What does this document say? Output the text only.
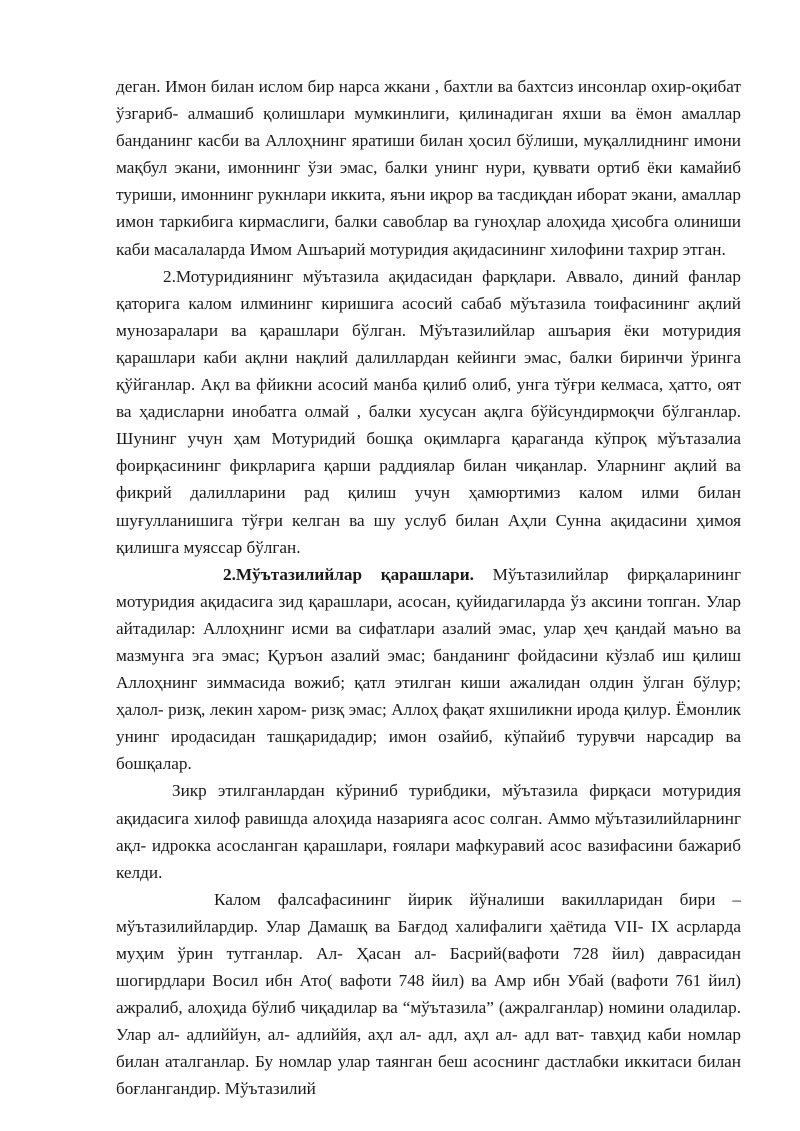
деган. Имон билан ислом бир нарса жкани , бахтли ва бахтсиз инсонлар охир-оқибат ўзгариб- алмашиб қолишлари мумкинлиги, қилинадиган яхши ва ёмон амаллар банданинг касби ва Аллоҳнинг яратиши билан ҳосил бўлиши, муқаллиднинг имони мақбул экани, имоннинг ўзи эмас, балки унинг нури, қуввати ортиб ёки камайиб туриши, имоннинг рукнлари иккита, яъни иқрор ва тасдиқдан иборат экани, амаллар имон таркибига кирмаслиги, балки савоблар ва гуноҳлар алоҳида ҳисобга олиниши каби масалаларда Имом Ашъарий мотуридия ақидасининг хилофини тахрир этган.

2.Мотуридиянинг мўътазила ақидасидан фарқлари. Аввало, диний фанлар қаторига калом илмининг киришига асосий сабаб мўътазила тоифасининг ақлий мунозаралари ва қарашлари бўлган. Мўътазилийлар ашъария ёки мотуридия қарашлари каби ақлни нақлий далиллардан кейинги эмас, балки биринчи ўринга қўйганлар. Ақл ва фйикни асосий манба қилиб олиб, унга тўғри келмаса, ҳатто, оят ва ҳадисларни инобатга олмай , балки хусусан ақлга бўйсундирмоқчи бўлганлар. Шунинг учун ҳам Мотуридий бошқа оқимларга қараганда кўпроқ мўътазалиа фоирқасининг фикрларига қарши раддиялар билан чиқанлар. Уларнинг ақлий ва фикрий далилларини рад қилиш учун ҳамюртимиз калом илми билан шуғулланишига тўғри келган ва шу услуб билан Аҳли Сунна ақидасини ҳимоя қилишга муяссар бўлган.

2.Мўътазилийлар қарашлари. Мўътазилийлар фирқаларининг мотуридия ақидасига зид қарашлари, асосан, қуйидагиларда ўз аксини топган. Улар айтадилар: Аллоҳнинг исми ва сифатлари азалий эмас, улар ҳеч қандай маъно ва мазмунга эга эмас; Қуръон азалий эмас; банданинг фойдасини кўзлаб иш қилиш Аллоҳнинг зиммасида вожиб; қатл этилган киши ажалидан олдин ўлган бўлур; ҳалол- ризқ, лекин харом- ризқ эмас; Аллоҳ фақат яхшиликни ирода қилур. Ёмонлик унинг иродасидан ташқаридадир; имон озайиб, кўпайиб турувчи нарсадир ва бошқалар.

Зикр этилганлардан кўриниб турибдики, мўътазила фирқаси мотуридия ақидасига хилоф равишда алоҳида назарияга асос солган. Аммо мўътазилийларнинг ақл- идрокка асосланган қарашлари, ғоялари мафкуравий асос вазифасини бажариб келди.

Калом фалсафасининг йирик йўналиши вакилларидан бири – мўътазилийлардир. Улар Дамашқ ва Бағдод халифалиги ҳаётида VII- IX асрларда муҳим ўрин тутганлар. Ал- Ҳасан ал- Басрий(вафоти 728 йил) даврасидан шогирдлари Восил ибн Ато( вафоти 748 йил) ва Амр ибн Убай (вафоти 761 йил) ажралиб, алоҳида бўлиб чиқадилар ва “мўътазила” (ажралганлар) номини оладилар. Улар ал- адлиййун, ал- адлиййя, аҳл ал- адл, аҳл ал- адл ват- тавҳид каби номлар билан аталганлар. Бу номлар улар таянган беш асоснинг дастлабки иккитаси билан боғлангандир. Мўътазилий
